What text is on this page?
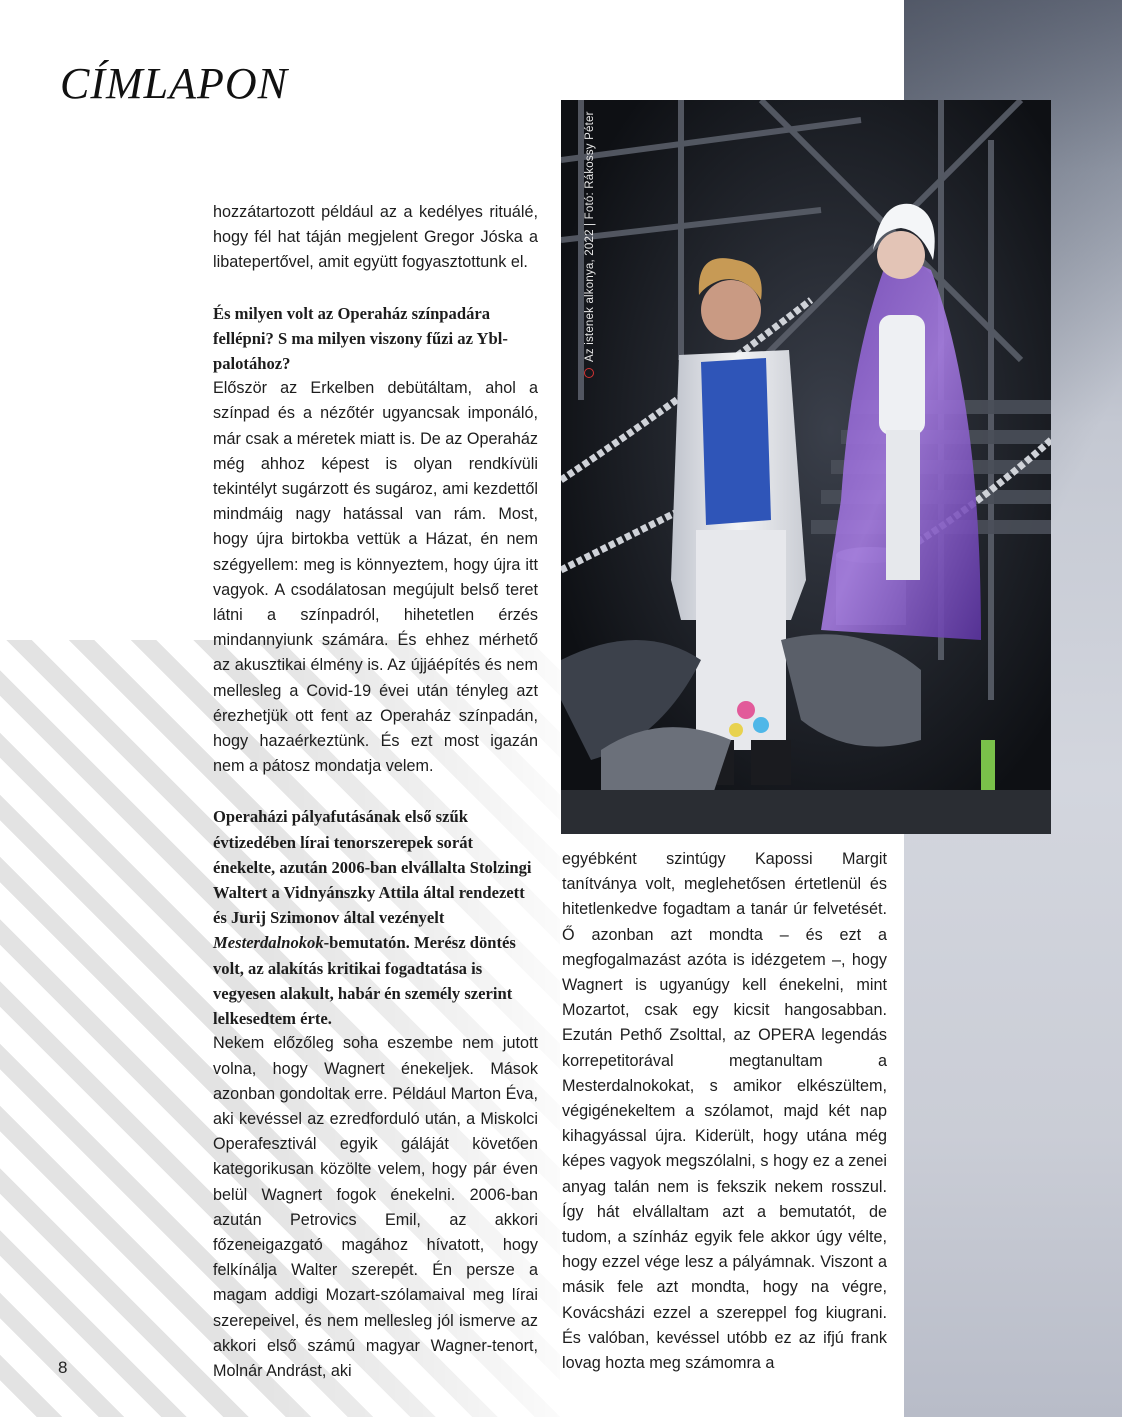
CÍMLAPON

hozzátartozott például az a kedélyes rituálé, hogy fél hat táján megjelent Gregor Jóska a libatepertővel, amit együtt fogyasztottunk el.

És milyen volt az Operaház színpadára fellépni? S ma milyen viszony fűzi az Ybl-palotához?

Először az Erkelben debütáltam, ahol a színpad és a nézőtér ugyancsak imponáló, már csak a méretek miatt is. De az Operaház még ahhoz képest is olyan rendkívüli tekintélyt sugárzott és sugároz, ami kezdettől mindmáig nagy hatással van rám. Most, hogy újra birtokba vettük a Házat, én nem szégyellem: meg is könnyeztem, hogy újra itt vagyok. A csodálatosan megújult belső teret látni a színpadról, hihetetlen érzés mindannyiunk számára. És ehhez mérhető az akusztikai élmény is. Az újjáépítés és nem mellesleg a Covid-19 évei után tényleg azt érezhetjük ott fent az Operaház színpadán, hogy hazaérkeztünk. És ezt most igazán nem a pátosz mondatja velem.

Operaházi pályafutásának első szűk évtizedében lírai tenorszerepek sorát énekelte, azután 2006-ban elvállalta Stolzingi Waltert a Vidnyánszky Attila által rendezett és Jurij Szimonov által vezényelt Mesterdalnokok-bemutatón. Merész döntés volt, az alakítás kritikai fogadtatása is vegyesen alakult, habár én személy szerint lelkesedtem érte.

Nekem előzőleg soha eszembe nem jutott volna, hogy Wagnert énekeljek. Mások azonban gondoltak erre. Például Marton Éva, aki kevéssel az ezredforduló után, a Miskolci Operafesztivál egyik gáláját követően kategorikusan közölte velem, hogy pár éven belül Wagnert fogok énekelni. 2006-ban azután Petrovics Emil, az akkori főzeneigazgató magához hívatott, hogy felkínálja Walter szerepét. Én persze a magam addigi Mozart-szólamaival meg lírai szerepeivel, és nem mellesleg jól ismerve az akkori első számú magyar Wagner-tenort, Molnár Andrást, aki

Az istenek alkonya, 2022 | Fotó: Rákossy Péter

egyébként szintúgy Kapossi Margit tanítványa volt, meglehetősen értetlenül és hitetlenkedve fogadtam a tanár úr felvetését. Ő azonban azt mondta – és ezt a megfogalmazást azóta is idézgetem –, hogy Wagnert is ugyanúgy kell énekelni, mint Mozartot, csak egy kicsit hangosabban. Ezután Pethő Zsolttal, az OPERA legendás korrepetitorával megtanultam a Mesterdalnokokat, s amikor elkészültem, végigénekeltem a szólamot, majd két nap kihagyással újra. Kiderült, hogy utána még képes vagyok megszólalni, s hogy ez a zenei anyag talán nem is fekszik nekem rosszul. Így hát elvállaltam azt a bemutatót, de tudom, a színház egyik fele akkor úgy vélte, hogy ezzel vége lesz a pályámnak. Viszont a másik fele azt mondta, hogy na végre, Kovácsházi ezzel a szereppel fog kiugrani. És valóban, kevéssel utóbb ez az ifjú frank lovag hozta meg számomra a

8
